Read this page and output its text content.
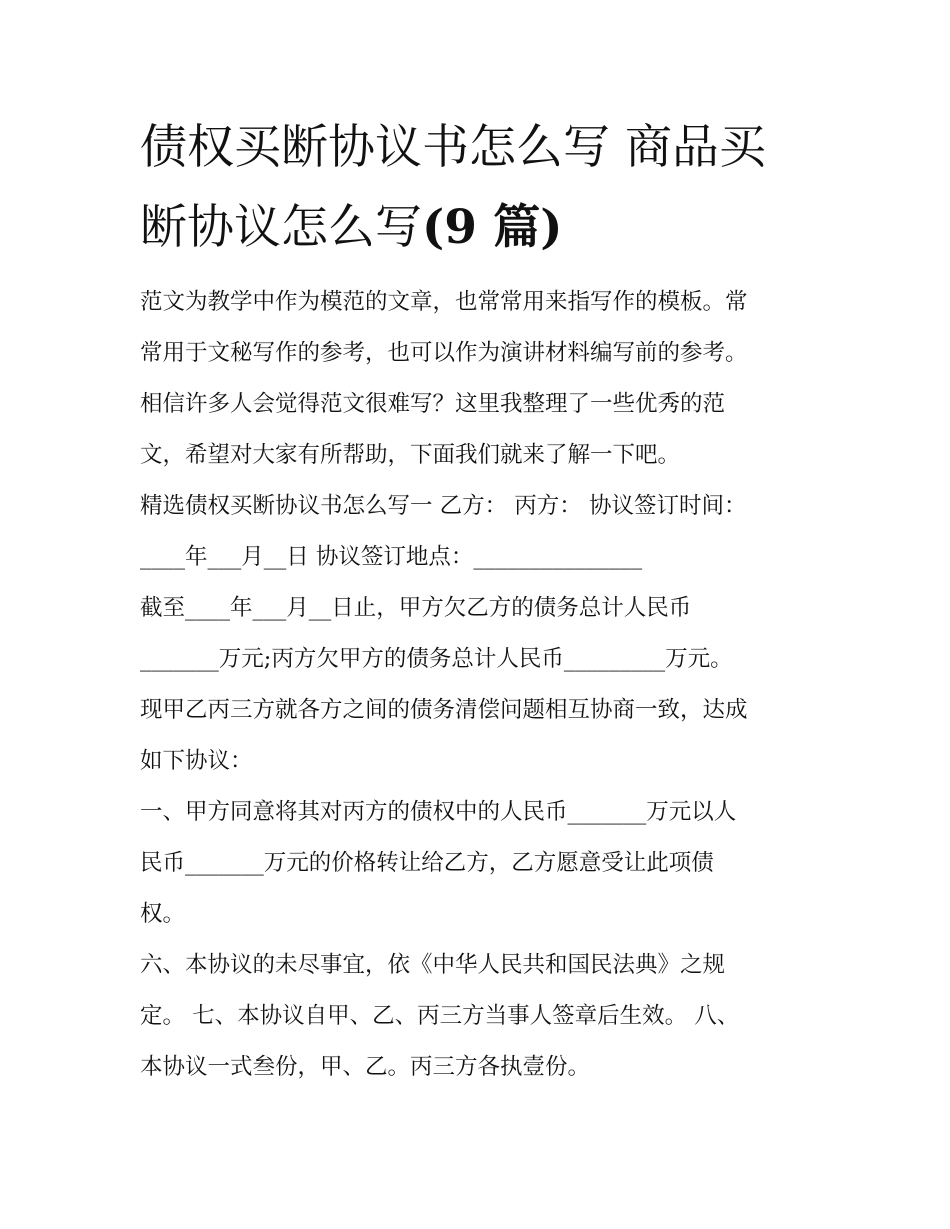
债权买断协议书怎么写 商品买
断协议怎么写(9 篇)
范文为教学中作为模范的文章，也常常用来指写作的模板。常
常用于文秘写作的参考，也可以作为演讲材料编写前的参考。
相信许多人会觉得范文很难写？这里我整理了一些优秀的范
文，希望对大家有所帮助，下面我们就来了解一下吧。
精选债权买断协议书怎么写一 乙方： 丙方： 协议签订时间：
____年___月__日 协议签订地点：_______________
截至____年___月__日止，甲方欠乙方的债务总计人民币
_______万元;丙方欠甲方的债务总计人民币_________万元。
现甲乙丙三方就各方之间的债务清偿问题相互协商一致，达成
如下协议：
一、甲方同意将其对丙方的债权中的人民币_______万元以人
民币_______万元的价格转让给乙方，乙方愿意受让此项债
权。
六、本协议的未尽事宜，依《中华人民共和国民法典》之规
定。 七、本协议自甲、乙、丙三方当事人签章后生效。 八、
本协议一式叁份，甲、乙。丙三方各执壹份。
